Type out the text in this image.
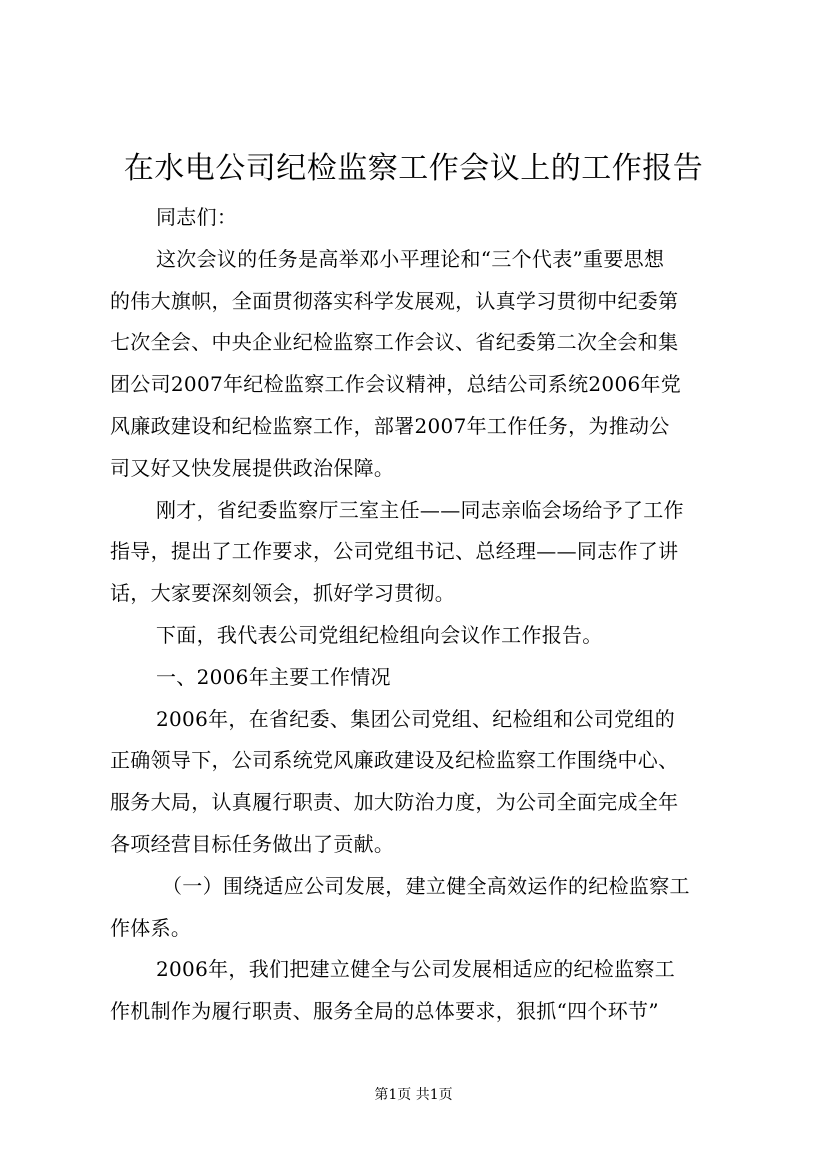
在水电公司纪检监察工作会议上的工作报告
同志们：
这次会议的任务是高举邓小平理论和“三个代表”重要思想
的伟大旗帜，全面贯彻落实科学发展观，认真学习贯彻中纪委第
七次全会、中央企业纪检监察工作会议、省纪委第二次全会和集
团公司2007年纪检监察工作会议精神，总结公司系统2006年党
风廉政建设和纪检监察工作，部署2007年工作任务，为推动公
司又好又快发展提供政治保障。
刚才，省纪委监察厅三室主任——同志亲临会场给予了工作
指导，提出了工作要求，公司党组书记、总经理——同志作了讲
话，大家要深刻领会，抓好学习贯彻。
下面，我代表公司党组纪检组向会议作工作报告。
一、2006年主要工作情况
2006年，在省纪委、集团公司党组、纪检组和公司党组的
正确领导下，公司系统党风廉政建设及纪检监察工作围绕中心、
服务大局，认真履行职责、加大防治力度，为公司全面完成全年
各项经营目标任务做出了贡献。
（一）围绕适应公司发展，建立健全高效运作的纪检监察工
作体系。
2006年，我们把建立健全与公司发展相适应的纪检监察工
作机制作为履行职责、服务全局的总体要求，狠抓“四个环节”
第1页 共1页
